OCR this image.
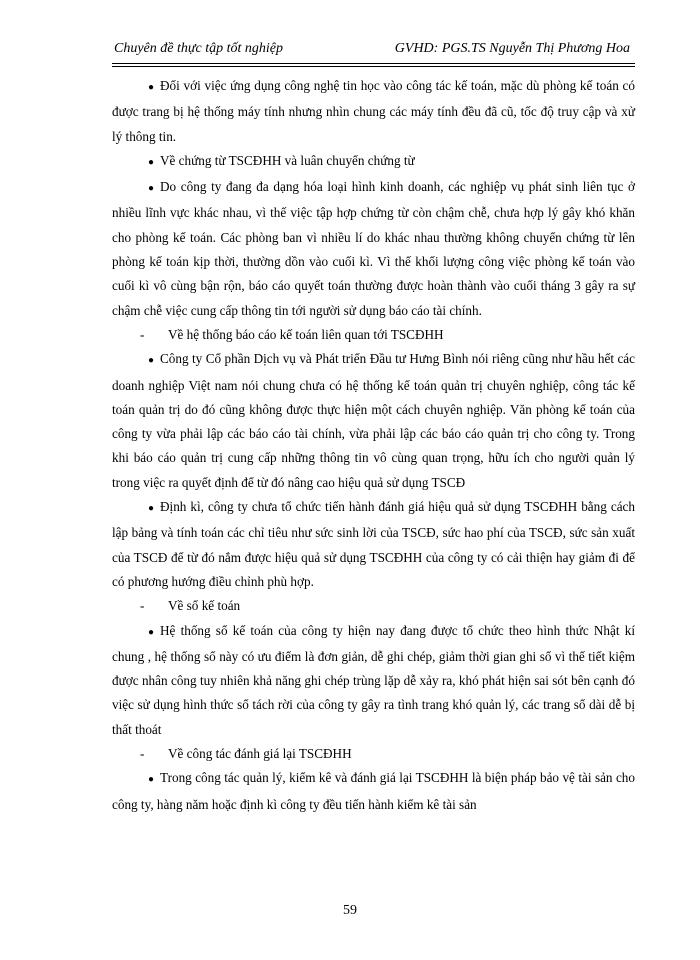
Chuyên đề thực tập tốt nghiệp	GVHD: PGS.TS Nguyễn Thị Phương Hoa

● Đối với việc ứng dụng công nghệ tin học vào công tác kế toán, mặc dù phòng kế toán có được trang bị hệ thống máy tính nhưng nhìn chung các máy tính đều đã cũ, tốc độ truy cập và xử lý thông tin.

● Về chứng từ TSCĐHH và luân chuyển chứng từ

● Do công ty đang đa dạng hóa loại hình kinh doanh, các nghiệp vụ phát sinh liên tục ở nhiều lĩnh vực khác nhau, vì thế việc tập hợp chứng từ còn chậm chễ, chưa hợp lý gây khó khăn cho phòng kế toán. Các phòng ban vì nhiều lí do khác nhau thường không chuyển chứng từ lên phòng kế toán kịp thời, thường dồn vào cuối kì. Vì thế khối lượng công việc phòng kế toán vào cuối kì vô cùng bận rộn, báo cáo quyết toán thường được hoàn thành vào cuối tháng 3 gây ra sự chậm chễ việc cung cấp thông tin tới người sử dụng báo cáo tài chính.

- Về hệ thống báo cáo kế toán liên quan tới TSCĐHH

● Công ty Cổ phần Dịch vụ và Phát triển Đầu tư Hưng Bình nói riêng cũng như hầu hết các doanh nghiệp Việt nam nói chung chưa có hệ thống kế toán quản trị chuyên nghiệp, công tác kế toán quản trị do đó cũng không được thực hiện một cách chuyên nghiệp. Văn phòng kế toán của công ty vừa phải lập các báo cáo tài chính, vừa phải lập các báo cáo quản trị cho công ty. Trong khi báo cáo quản trị cung cấp những thông tin vô cùng quan trọng, hữu ích cho người quản lý trong việc ra quyết định để từ đó nâng cao hiệu quả sử dụng TSCĐ

● Định kì, công ty chưa tổ chức tiến hành đánh giá hiệu quả sử dụng TSCĐHH bằng cách lập bảng và tính toán các chỉ tiêu như sức sinh lời của TSCĐ, sức hao phí của TSCĐ, sức sản xuất của TSCĐ để từ đó nắm được hiệu quả sử dụng TSCĐHH của công ty có cải thiện hay giảm đi để có phương hướng điều chỉnh phù hợp.

- Về sổ kế toán

● Hệ thống sổ kế toán của công ty hiện nay đang được tổ chức theo hình thức Nhật kí chung , hệ thống sổ này có ưu điểm là đơn giản, dễ ghi chép, giảm thời gian ghi sổ vì thế tiết kiệm được nhân công tuy nhiên khả năng ghi chép trùng lặp dễ xảy ra, khó phát hiện sai sót bên cạnh đó việc sử dụng hình thức sổ tách rời của công ty gây ra tình trang khó quản lý, các trang sổ dài dễ bị thất thoát

- Về công tác đánh giá lại TSCĐHH

● Trong công tác quản lý, kiểm kê và đánh giá lại TSCĐHH là biện pháp bảo vệ tài sản cho công ty, hàng năm hoặc định kì công ty đều tiến hành kiểm kê tài sản

59
